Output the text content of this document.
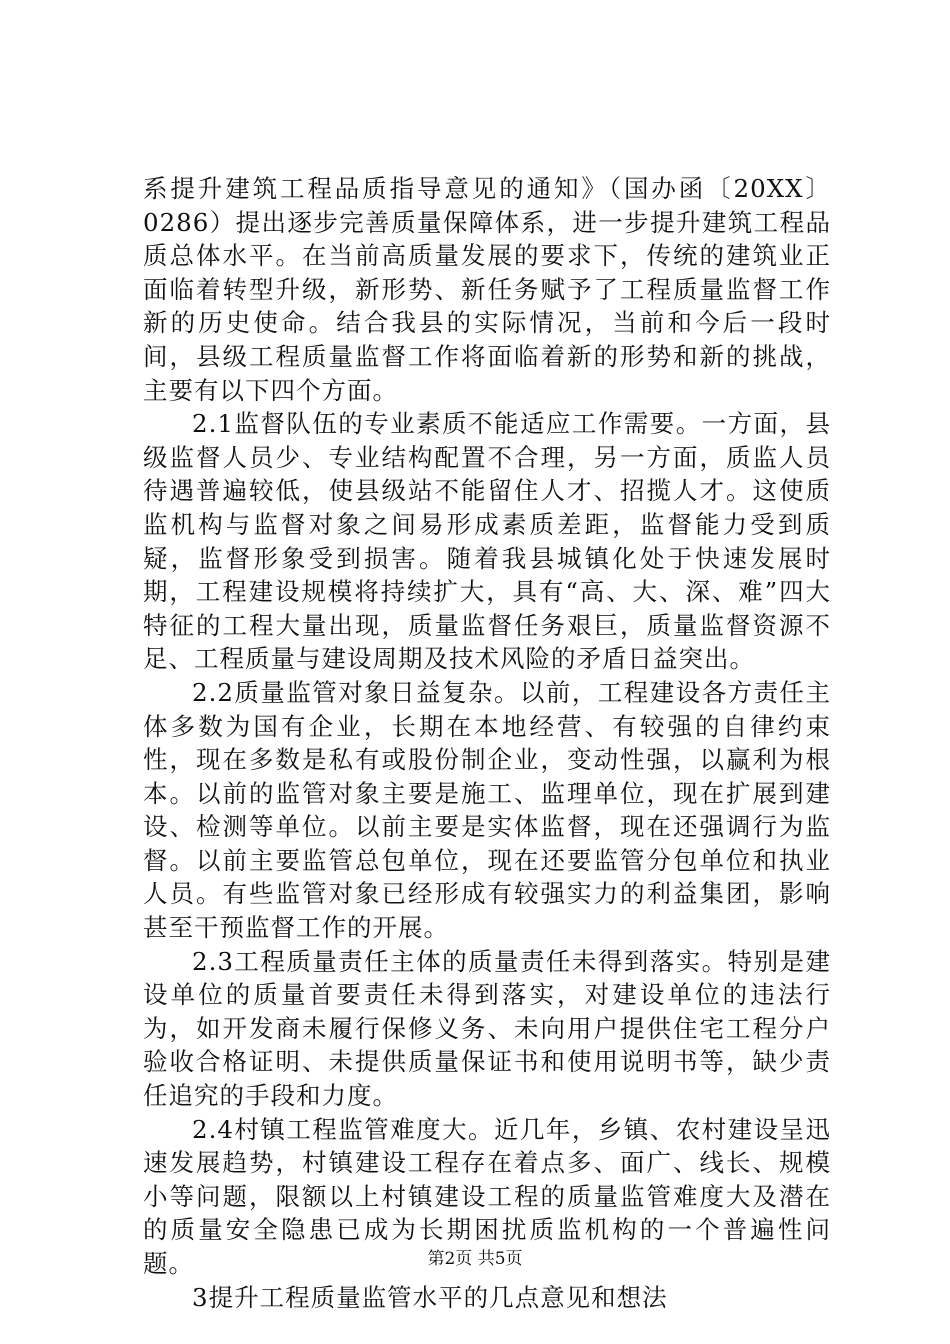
系提升建筑工程品质指导意见的通知》（国办函〔20XX〕0286）提出逐步完善质量保障体系，进一步提升建筑工程品质总体水平。在当前高质量发展的要求下，传统的建筑业正面临着转型升级，新形势、新任务赋予了工程质量监督工作新的历史使命。结合我县的实际情况，当前和今后一段时间，县级工程质量监督工作将面临着新的形势和新的挑战，主要有以下四个方面。

2.1监督队伍的专业素质不能适应工作需要。一方面，县级监督人员少、专业结构配置不合理，另一方面，质监人员待遇普遍较低，使县级站不能留住人才、招揽人才。这使质监机构与监督对象之间易形成素质差距，监督能力受到质疑，监督形象受到损害。随着我县城镇化处于快速发展时期，工程建设规模将持续扩大，具有“高、大、深、难”四大特征的工程大量出现，质量监督任务艰巨，质量监督资源不足、工程质量与建设周期及技术风险的矛盾日益突出。

2.2质量监管对象日益复杂。以前，工程建设各方责任主体多数为国有企业，长期在本地经营、有较强的自律约束性，现在多数是私有或股份制企业，变动性强，以赢利为根本。以前的监管对象主要是施工、监理单位，现在扩展到建设、检测等单位。以前主要是实体监督，现在还强调行为监督。以前主要监管总包单位，现在还要监管分包单位和执业人员。有些监管对象已经形成有较强实力的利益集团，影响甚至干预监督工作的开展。

2.3工程质量责任主体的质量责任未得到落实。特别是建设单位的质量首要责任未得到落实，对建设单位的违法行为，如开发商未履行保修义务、未向用户提供住宅工程分户验收合格证明、未提供质量保证书和使用说明书等，缺少责任追究的手段和力度。

2.4村镇工程监管难度大。近几年，乡镇、农村建设呈迅速发展趋势，村镇建设工程存在着点多、面广、线长、规模小等问题，限额以上村镇建设工程的质量监管难度大及潜在的质量安全隐患已成为长期困扰质监机构的一个普遍性问题。

3提升工程质量监管水平的几点意见和想法

第2页 共5页
